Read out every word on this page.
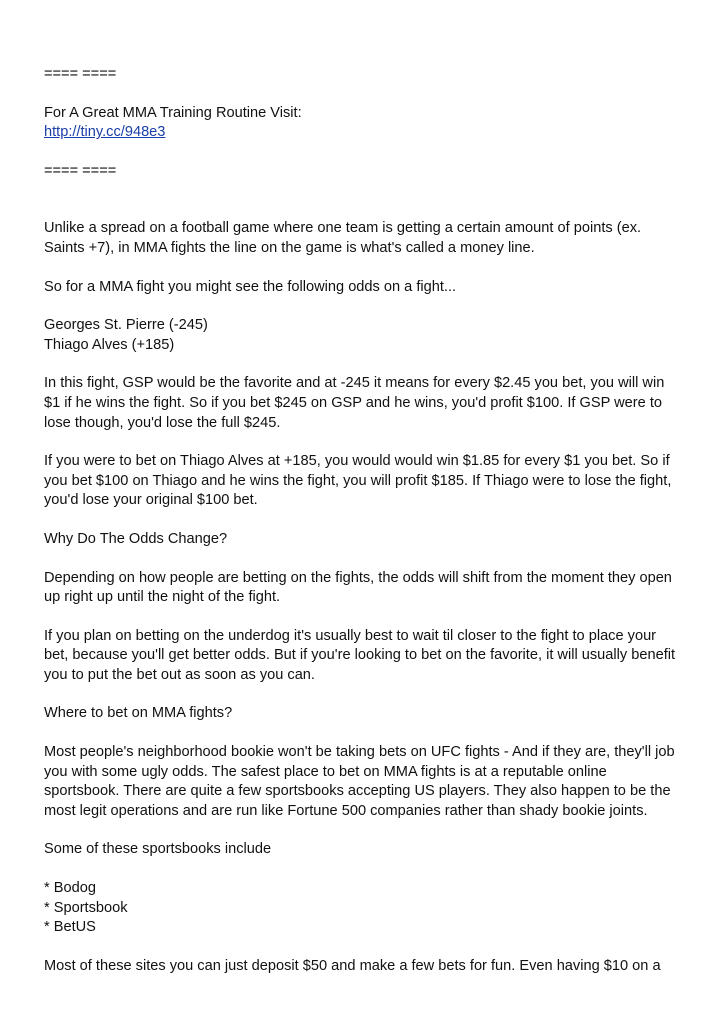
==== ====

For A Great MMA Training Routine Visit:

http://tiny.cc/948e3

==== ====

Unlike a spread on a football game where one team is getting a certain amount of points (ex.
Saints +7), in MMA fights the line on the game is what's called a money line.

So for a MMA fight you might see the following odds on a fight...

Georges St. Pierre (-245)

Thiago Alves (+185)

In this fight, GSP would be the favorite and at -245 it means for every $2.45 you bet, you will win
$1 if he wins the fight. So if you bet $245 on GSP and he wins, you'd profit $100. If GSP were to
lose though, you'd lose the full $245.

If you were to bet on Thiago Alves at +185, you would would win $1.85 for every $1 you bet. So if
you bet $100 on Thiago and he wins the fight, you will profit $185. If Thiago were to lose the fight,
you'd lose your original $100 bet.

Why Do The Odds Change?

Depending on how people are betting on the fights, the odds will shift from the moment they open
up right up until the night of the fight.

If you plan on betting on the underdog it's usually best to wait til closer to the fight to place your
bet, because you'll get better odds. But if you're looking to bet on the favorite, it will usually benefit
you to put the bet out as soon as you can.

Where to bet on MMA fights?

Most people's neighborhood bookie won't be taking bets on UFC fights - And if they are, they'll job
you with some ugly odds. The safest place to bet on MMA fights is at a reputable online
sportsbook. There are quite a few sportsbooks accepting US players. They also happen to be the
most legit operations and are run like Fortune 500 companies rather than shady bookie joints.

Some of these sportsbooks include

* Bodog

* Sportsbook

* BetUS

Most of these sites you can just deposit $50 and make a few bets for fun. Even having $10 on a
